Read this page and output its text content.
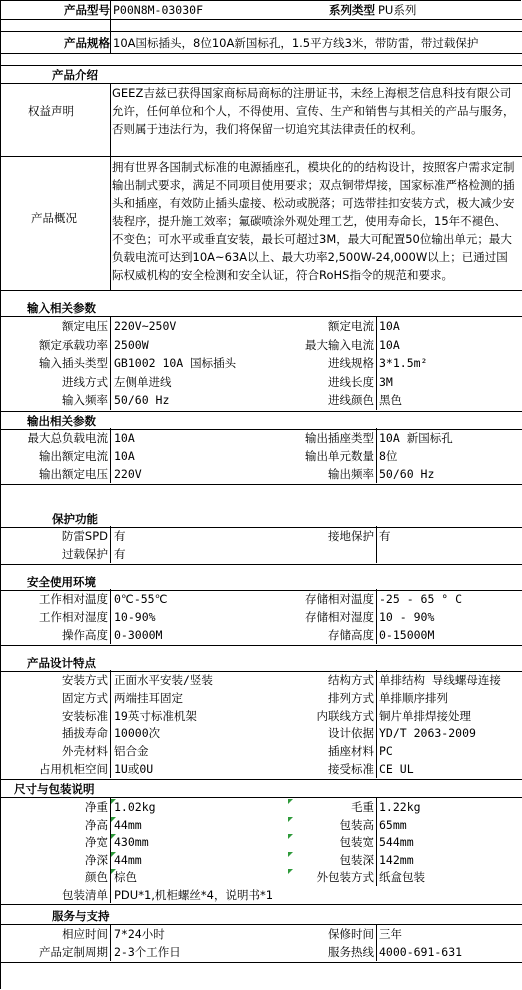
产品型号 P00N8M-03030F	系列类型 PU系列
产品规格 10A国标插头，8位10A新国标孔，1.5平方线3米，带防雷，带过载保护
产品介绍
权益声明
GEEZ吉兹已获得国家商标局商标的注册证书，未经上海根芝信息科技有限公司允许，任何单位和个人，不得使用、宣传、生产和销售与其相关的产品与服务，否则属于违法行为，我们将保留一切追究其法律责任的权利。
产品概况
拥有世界各国制式标准的电源插座孔，模块化的的结构设计，按照客户需求定制输出制式要求，满足不同项目使用要求；双点铜带焊接，国家标准严格检测的插头和插座，有效防止插头虚接、松动或脱落；可选带挂扣安装方式，极大减少安装程序，提升施工效率；氟碳喷涂外观处理工艺，使用寿命长，15年不褪色、不变色；可水平或垂直安装，最长可超过3M，最大可配置50位输出单元；最大负载电流可达到10A~63A以上、最大功率2,500W-24,000W以上；已通过国际权威机构的安全检测和安全认证，符合RoHS指令的规范和要求。
输入相关参数
额定电压 220V~250V	额定电流 10A
额定承载功率 2500W	最大输入电流 10A
输入插头类型 GB1002 10A 国标插头	进线规格 3*1.5m²
进线方式 左侧单进线	进线长度 3M
输入频率 50/60 Hz	进线颜色 黑色
输出相关参数
最大总负载电流 10A	输出插座类型 10A 新国标孔
输出额定电流 10A	输出单元数量 8位
输出额定电压 220V	输出频率 50/60 Hz
保护功能
防雷SPD 有	接地保护 有
过载保护 有
安全使用环境
工作相对温度 0℃-55℃	存储相对温度 -25 - 65 ° C
工作相对湿度 10-90%	存储相对湿度 10 - 90%
操作高度 0-3000M	存储高度 0-15000M
产品设计特点
安装方式 正面水平安装/竖装	结构方式 单排结构 导线螺母连接
固定方式 两端挂耳固定	排列方式 单排顺序排列
安装标准 19英寸标准机架	内联线方式 铜片单排焊接处理
插拔寿命 10000次	设计依据 YD/T 2063-2009
外壳材料 铝合金	插座材料 PC
占用机柜空间 1U或0U	接受标准 CE UL
尺寸与包装说明
净重 1.02kg	毛重 1.22kg
净高 44mm	包装高 65mm
净宽 430mm	包装宽 544mm
净深 44mm	包装深 142mm
颜色 棕色	外包装方式 纸盒包装
包装清单 PDU*1,机柜螺丝*4，说明书*1
服务与支持
相应时间 7*24小时	保修时间 三年
产品定制周期 2-3个工作日	服务热线 4000-691-631
